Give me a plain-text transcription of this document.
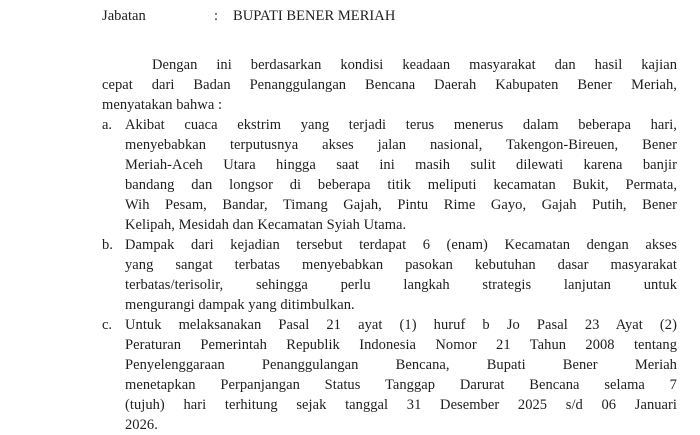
Jabatan	: BUPATI BENER MERIAH
Dengan ini berdasarkan kondisi keadaan masyarakat dan hasil kajian
cepat dari Badan Penanggulangan Bencana Daerah Kabupaten Bener Meriah,
menyatakan bahwa :
a. Akibat cuaca ekstrim yang terjadi terus menerus dalam beberapa hari,
menyebabkan terputusnya akses jalan nasional, Takengon-Bireuen, Bener
Meriah-Aceh Utara hingga saat ini masih sulit dilewati karena banjir
bandang dan longsor di beberapa titik meliputi kecamatan Bukit, Permata,
Wih Pesam, Bandar, Timang Gajah, Pintu Rime Gayo, Gajah Putih, Bener
Kelipah, Mesidah dan Kecamatan Syiah Utama.
b. Dampak dari kejadian tersebut terdapat 6 (enam) Kecamatan dengan akses
yang sangat terbatas menyebabkan pasokan kebutuhan dasar masyarakat
terbatas/terisolir, sehingga perlu langkah strategis lanjutan untuk
mengurangi dampak yang ditimbulkan.
c. Untuk melaksanakan Pasal 21 ayat (1) huruf b Jo Pasal 23 Ayat (2)
Peraturan Pemerintah Republik Indonesia Nomor 21 Tahun 2008 tentang
Penyelenggaraan Penanggulangan Bencana, Bupati Bener Meriah
menetapkan Perpanjangan Status Tanggap Darurat Bencana selama 7
(tujuh) hari terhitung sejak tanggal 31 Desember 2025 s/d 06 Januari
2026.
